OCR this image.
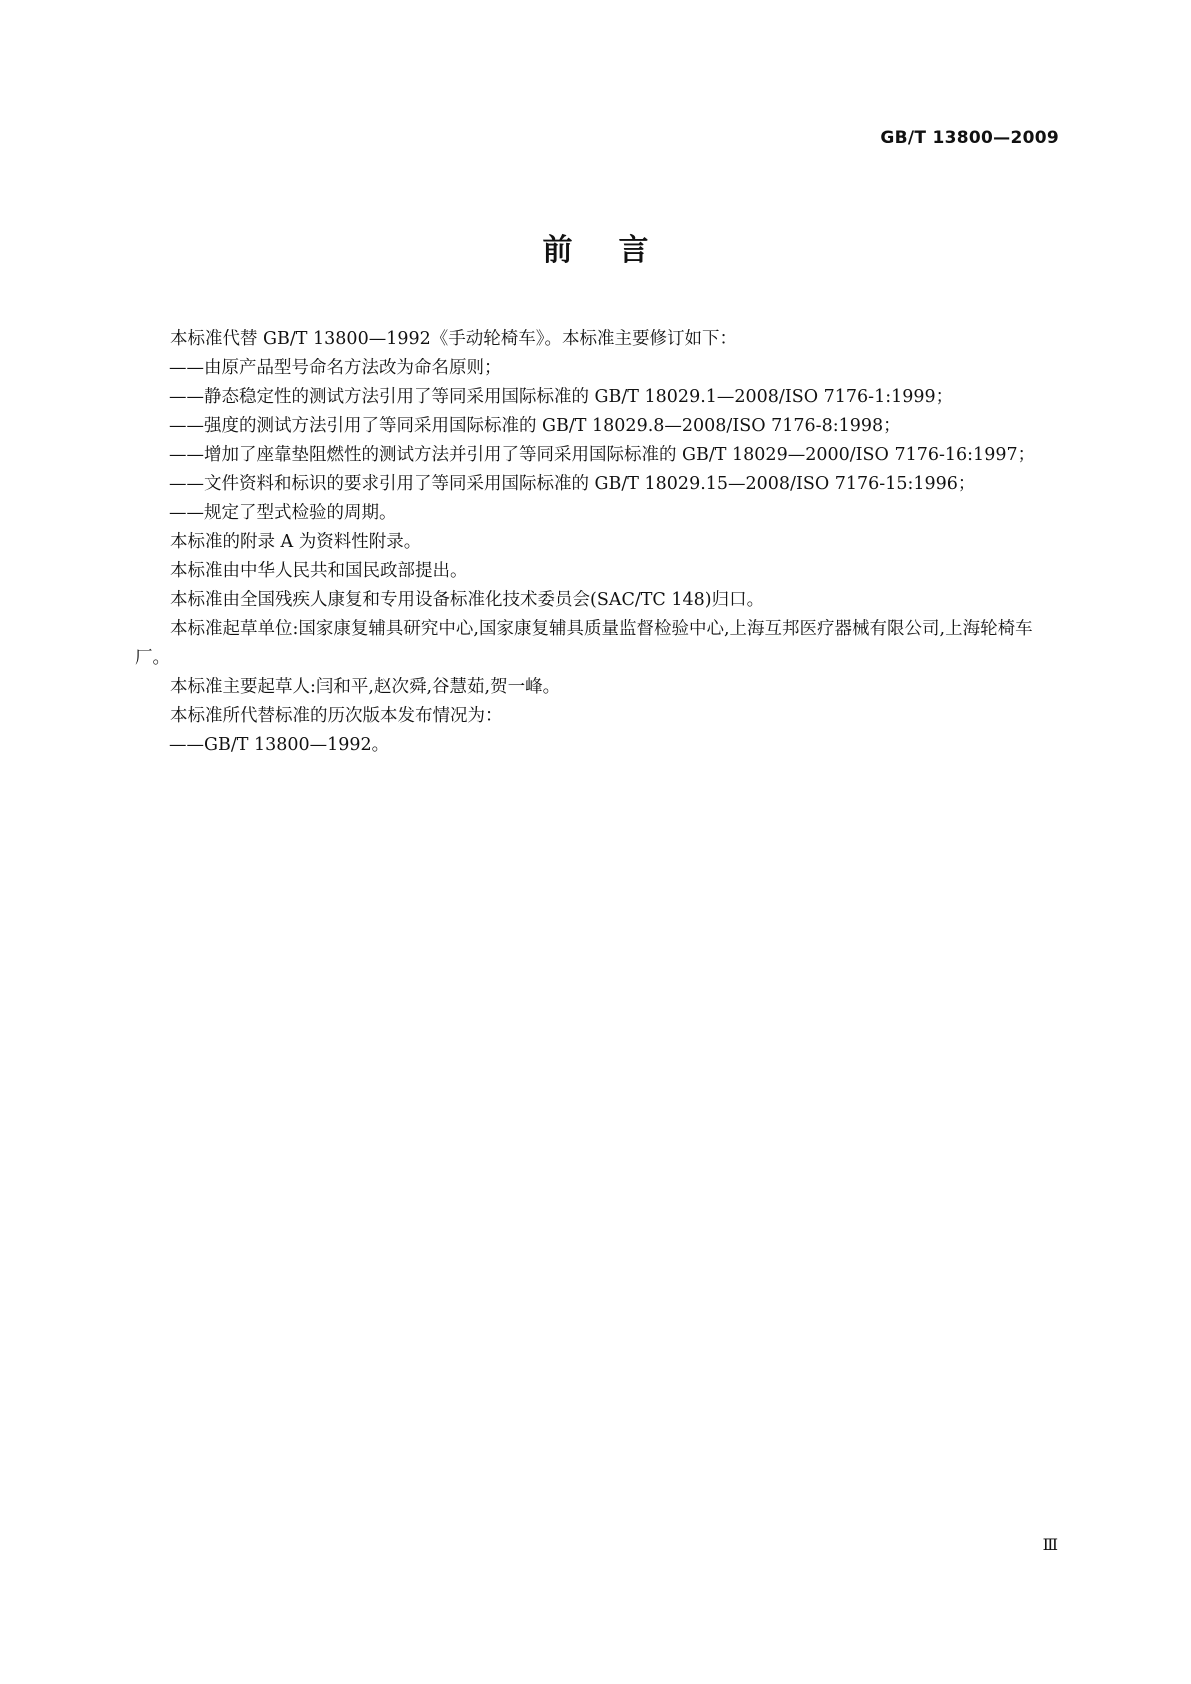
GB/T 13800—2009
前言

本标准代替 GB/T 13800—1992《手动轮椅车》。本标准主要修订如下：

——由原产品型号命名方法改为命名原则；

——静态稳定性的测试方法引用了等同采用国际标准的 GB/T 18029.1—2008/ISO 7176-1:1999；

——强度的测试方法引用了等同采用国际标准的 GB/T 18029.8—2008/ISO 7176-8:1998；

——增加了座靠垫阻燃性的测试方法并引用了等同采用国际标准的 GB/T 18029—2000/ISO 7176-16:1997；

——文件资料和标识的要求引用了等同采用国际标准的 GB/T 18029.15—2008/ISO 7176-15:1996；

——规定了型式检验的周期。

本标准的附录 A 为资料性附录。

本标准由中华人民共和国民政部提出。

本标准由全国残疾人康复和专用设备标准化技术委员会(SAC/TC 148)归口。

本标准起草单位:国家康复辅具研究中心,国家康复辅具质量监督检验中心,上海互邦医疗器械有限公司,上海轮椅车厂。

本标准主要起草人:闫和平,赵次舜,谷慧茹,贺一峰。

本标准所代替标准的历次版本发布情况为：

——GB/T 13800—1992。

Ⅲ
